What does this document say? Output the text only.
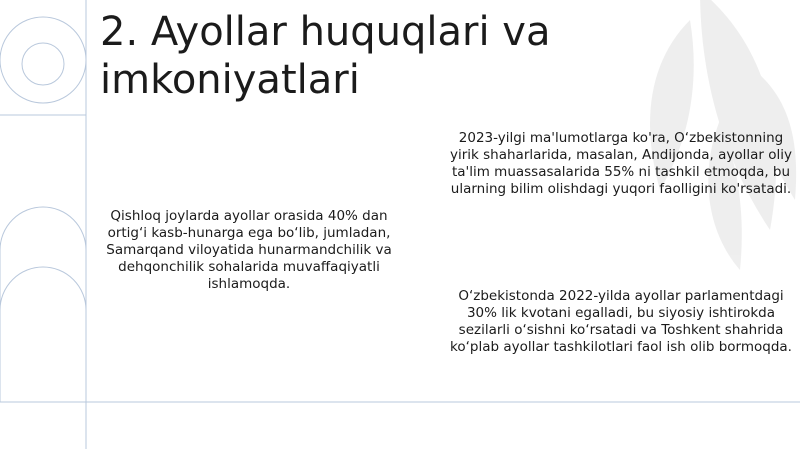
2. Ayollar huquqlari va imkoniyatlari

Qishloq joylarda ayollar orasida 40% dan ortig‘i kasb-hunarga ega bo‘lib, jumladan, Samarqand viloyatida hunarmandchilik va dehqonchilik sohalarida muvaffaqiyatli ishlamoqda.

2023-yilgi ma'lumotlarga ko'ra, O‘zbekistonning yirik shaharlarida, masalan, Andijonda, ayollar oliy ta'lim muassasalarida 55% ni tashkil etmoqda, bu ularning bilim olishdagi yuqori faolligini ko'rsatadi.

O‘zbekistonda 2022-yilda ayollar parlamentdagi 30% lik kvotani egalladi, bu siyosiy ishtirokda sezilarli o‘sishni ko‘rsatadi va Toshkent shahrida ko‘plab ayollar tashkilotlari faol ish olib bormoqda.
